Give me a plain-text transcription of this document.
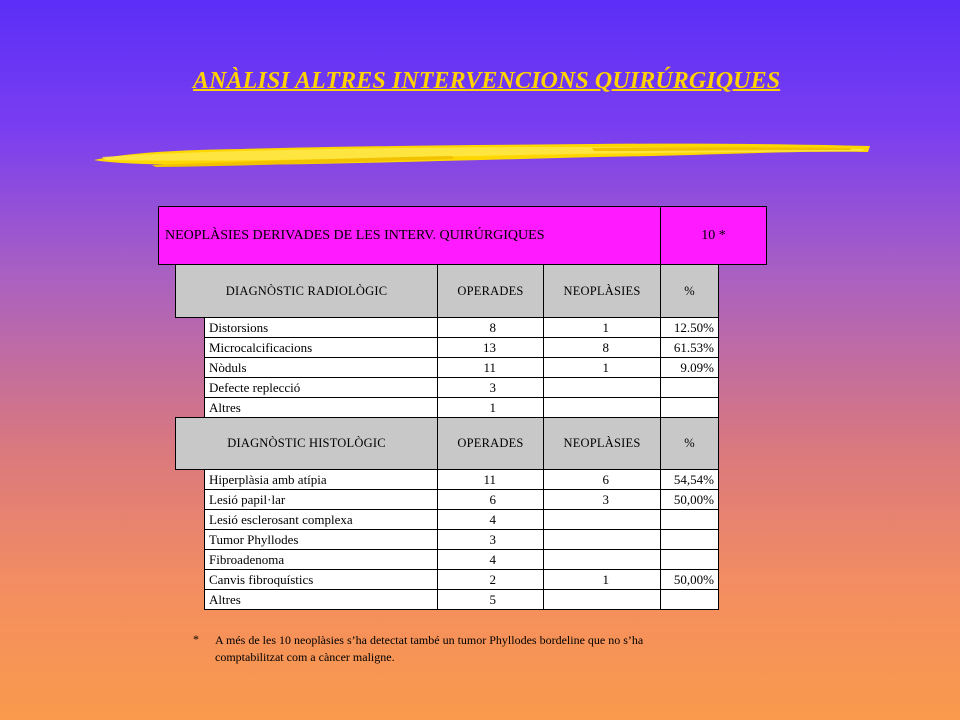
ANÀLISI ALTRES INTERVENCIONS QUIRÚRGIQUES
NEOPLÀSIES DERIVADES DE LES INTERV. QUIRÚRGIQUES	10 *
DIAGNÒSTIC RADIOLÒGIC	OPERADES	NEOPLÀSIES	%
Distorsions	8	1	12.50%
Microcalcificacions	13	8	61.53%
Nòduls	11	1	9.09%
Defecte replecció	3
Altres	1
DIAGNÒSTIC HISTOLÒGIC	OPERADES	NEOPLÀSIES	%
Hiperplàsia amb atípia	11	6	54,54%
Lesió papil·lar	6	3	50,00%
Lesió esclerosant complexa	4
Tumor Phyllodes	3
Fibroadenoma	4
Canvis fibroquístics	2	1	50,00%
Altres	5
* A més de les 10 neoplàsies s’ha detectat també un tumor Phyllodes bordeline que no s’ha
comptabilitzat com a càncer maligne.
